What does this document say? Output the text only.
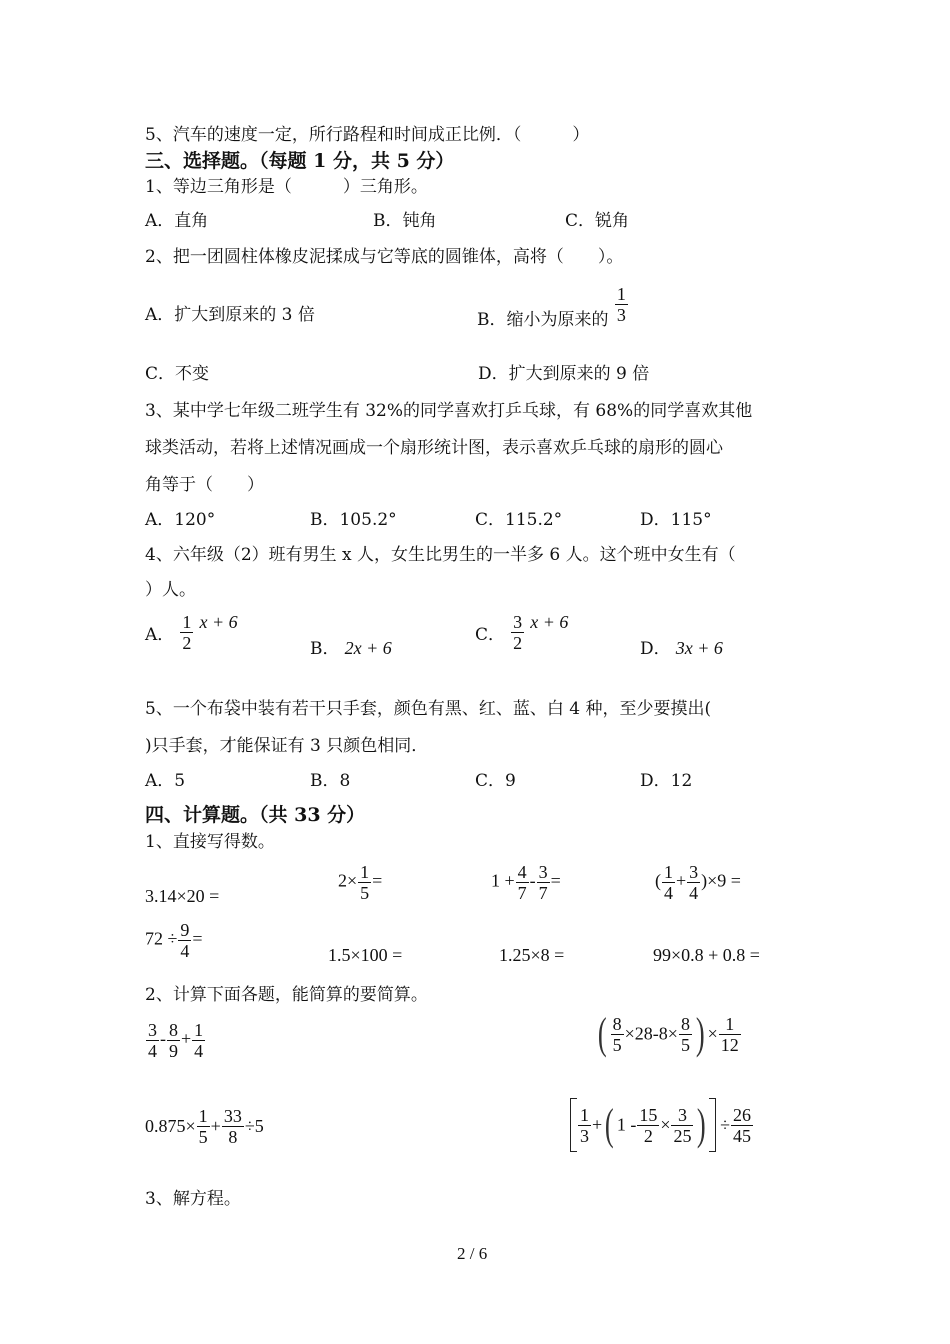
5、汽车的速度一定，所行路程和时间成正比例．（　　　）
三、选择题。（每题 1 分，共 5 分）
1、等边三角形是（　　　）三角形。
A．直角	B．钝角	C．锐角
2、把一团圆柱体橡皮泥揉成与它等底的圆锥体，高将（　　）。
A．扩大到原来的 3 倍	B．缩小为原来的 $\frac{1}{3}$
C．不变	D．扩大到原来的 9 倍
3、某中学七年级二班学生有 32%的同学喜欢打乒乓球，有 68%的同学喜欢其他
球类活动，若将上述情况画成一个扇形统计图，表示喜欢乒乓球的扇形的圆心
角等于（　　）
A．120°	B．105.2°	C．115.2°	D．115°
4、六年级（2）班有男生 x 人，女生比男生的一半多 6 人。这个班中女生有（
）人。
A． $\frac{1}{2}$ x + 6
B． 2x + 6
C． $\frac{3}{2}$ x + 6
D． 3x + 6
5、一个布袋中装有若干只手套，颜色有黑、红、蓝、白 4 种，至少要摸出(
)只手套，才能保证有 3 只颜色相同．
A．5	B．8	C．9	D．12
四、计算题。（共 33 分）
1、直接写得数。
3.14×20 =
$2\times \frac{1}{5}$ =	$1 + \frac{4}{7} - \frac{3}{7}$ =	( $\frac{1}{4} + \frac{3}{4} )\times 9$ =
$72 \div \frac{9}{4}$ =
1.5×100 =	1.25×8 =	99×0.8 + 0.8 =
2、计算下面各题，能简算的要简算。
$\frac{3}{4} - \frac{8}{9} + \frac{1}{4}$	( $\frac{8}{5} \times 28-8\times \frac{8}{5}$ ) × $\frac{1}{12}$
$0.875\times \frac{1}{5} + \frac{33}{8} \div 5$	$\frac{1}{3}$ +( $1 - \frac{15}{2} \times \frac{3}{25}$ ) ÷ $\frac{26}{45}$
3、解方程。
2 / 6
